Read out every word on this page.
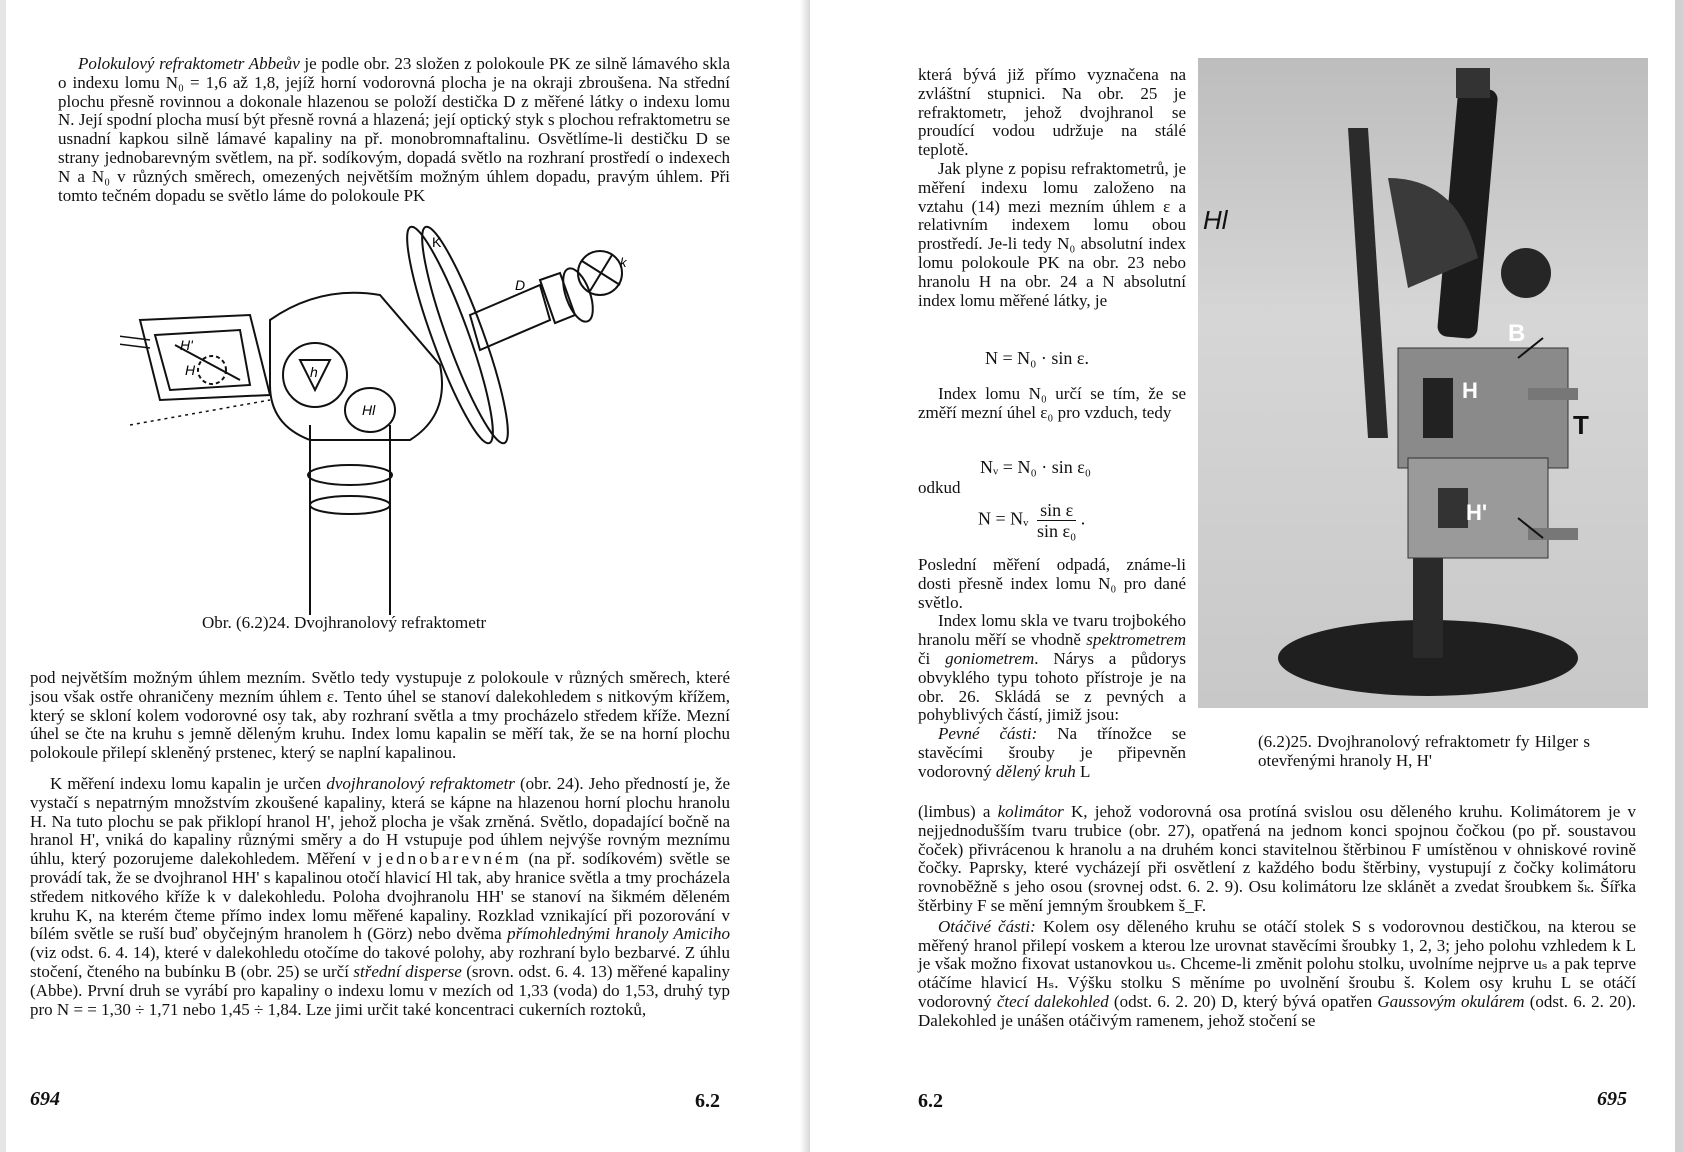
Polokulový refraktometr Abbeův je podle obr. 23 složen z polokoule PK ze silně lámavého skla o indexu lomu N₀ = 1,6 až 1,8, jejíž horní vodorovná plocha je na okraji zbroušena. Na střední plochu přesně rovinnou a dokonale hlazenou se položí destička D z měřené látky o indexu lomu N. Její spodní plocha musí být přesně rovná a hlazená; její optický styk s plochou refraktometru se usnadní kapkou silně lámavé kapaliny na př. monobromnaftalinu. Osvětlíme-li destičku D se strany jednobarevným světlem, na př. sodíkovým, dopadá světlo na rozhraní prostředí o indexech N a N₀ v různých směrech, omezených největším možným úhlem dopadu, pravým úhlem. Při tomto tečném dopadu se světlo láme do polokoule PK

K
D
H'
H	h
Hl
k
Obr. (6.2)24. Dvojhranolový refraktometr

pod největším možným úhlem mezním. Světlo tedy vystupuje z polokoule v různých směrech, které jsou však ostře ohraničeny mezním úhlem ε. Tento úhel se stanoví dalekohledem s nitkovým křížem, který se skloní kolem vodorovné osy tak, aby rozhraní světla a tmy procházelo středem kříže. Mezní úhel se čte na kruhu s jemně děleným kruhu. Index lomu kapalin se měří tak, že se na horní plochu polokoule přilepí skleněný prstenec, který se naplní kapalinou.

K měření indexu lomu kapalin je určen dvojhranolový refraktometr (obr. 24). Jeho předností je, že vystačí s nepatrným množstvím zkoušené kapaliny, která se kápne na hlazenou horní plochu hranolu H. Na tuto plochu se pak přiklopí hranol H', jehož plocha je však zrněná. Světlo, dopadající bočně na hranol H', vniká do kapaliny různými směry a do H vstupuje pod úhlem nejvýše rovným meznímu úhlu, který pozorujeme dalekohledem. Měření v jednobarevném (na př. sodíkovém) světle se provádí tak, že se dvojhranol HH' s kapalinou otočí hlavicí Hl tak, aby hranice světla a tmy procházela středem nitkového kříže k v dalekohledu. Poloha dvojhranolu HH' se stanoví na šikmém děleném kruhu K, na kterém čteme přímo index lomu měřené kapaliny. Rozklad vznikající při pozorování v bílém světle se ruší buď obyčejným hranolem h (Görz) nebo dvěma přímohlednými hranoly Amiciho (viz odst. 6. 4. 14), které v dalekohledu otočíme do takové polohy, aby rozhraní bylo bezbarvé. Z úhlu stočení, čteného na bubínku B (obr. 25) se určí střední disperse (srovn. odst. 6. 4. 13) měřené kapaliny (Abbe). První druh se vyrábí pro kapaliny o indexu lomu v mezích od 1,33 (voda) do 1,53, druhý typ pro N = = 1,30 ÷ 1,71 nebo 1,45 ÷ 1,84. Lze jimi určit také koncentraci cukerních roztoků,

694	6.2

která bývá již přímo vyznačena na zvláštní stupnici. Na obr. 25 je refraktometr, jehož dvojhranol se proudící vodou udržuje na stálé teplotě.

Jak plyne z popisu refraktometrů, je měření indexu lomu založeno na vztahu (14) mezi mezním úhlem ε a relativním indexem lomu obou prostředí. Je-li tedy N₀ absolutní index lomu polokoule PK na obr. 23 nebo hranolu H na obr. 24 a N absolutní index lomu měřené látky, je

N = N₀ · sin ε.

Index lomu N₀ určí se tím, že se změří mezní úhel ε₀ pro vzduch, tedy

Nᵥ = N₀ · sin ε₀
odkud
N = Nᵥ $\frac{\text{sin ε}}{\text{sin ε₀}}$ .

Poslední měření odpadá, známe-li dosti přesně index lomu N₀ pro dané světlo.

Index lomu skla ve tvaru trojbokého hranolu měří se vhodně spektrometrem či goniometrem. Nárys a půdorys obvyklého typu tohoto přístroje je na obr. 26. Skládá se z pevných a pohyblivých částí, jimiž jsou:

Pevné části: Na třínožce se stavěcími šrouby je připevněn vodorovný dělený kruh L

Hl
B
H
T
H'
(6.2)25. Dvojhranolový refraktometr fy Hilger s otevřenými hranoly H, H'

(limbus) a kolimátor K, jehož vodorovná osa protíná svislou osu děleného kruhu. Kolimátorem je v nejjednodušším tvaru trubice (obr. 27), opatřená na jednom konci spojnou čočkou (po př. soustavou čoček) přivrácenou k hranolu a na druhém konci stavitelnou štěrbinou F umístěnou v ohniskové rovině čočky. Paprsky, které vycházejí při osvětlení z každého bodu štěrbiny, vystupují z čočky kolimátoru rovnoběžně s jeho osou (srovnej odst. 6. 2. 9). Osu kolimátoru lze sklánět a zvedat šroubkem šₖ. Šířka štěrbiny F se mění jemným šroubkem š_F.

Otáčivé části: Kolem osy děleného kruhu se otáčí stolek S s vodorovnou destičkou, na kterou se měřený hranol přilepí voskem a kterou lze urovnat stavěcími šroubky 1, 2, 3; jeho polohu vzhledem k L je však možno fixovat ustanovkou uₛ. Chceme-li změnit polohu stolku, uvolníme nejprve uₛ a pak teprve otáčíme hlavicí Hₛ. Výšku stolku S měníme po uvolnění šroubu š. Kolem osy kruhu L se otáčí vodorovný čtecí dalekohled (odst. 6. 2. 20) D, který bývá opatřen Gaussovým okulárem (odst. 6. 2. 20). Dalekohled je unášen otáčivým ramenem, jehož stočení se

6.2	695
